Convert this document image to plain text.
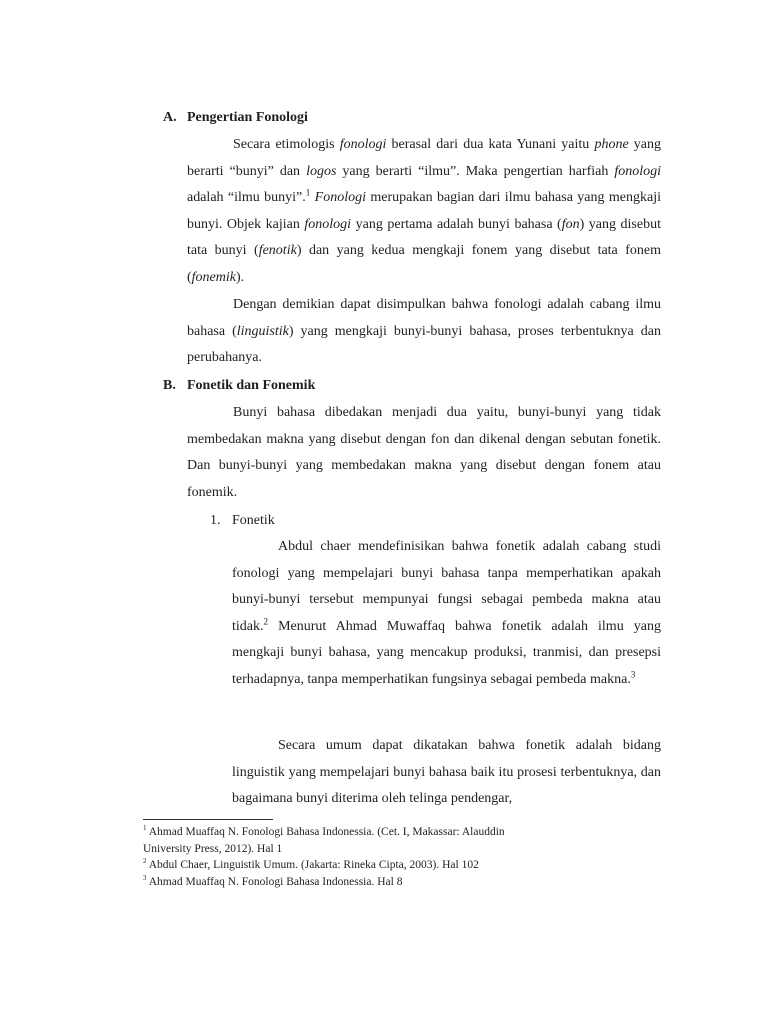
A. Pengertian Fonologi

Secara etimologis fonologi berasal dari dua kata Yunani yaitu phone yang berarti “bunyi” dan logos yang berarti “ilmu”. Maka pengertian harfiah fonologi adalah “ilmu bunyi”.$^1$ Fonologi merupakan bagian dari ilmu bahasa yang mengkaji bunyi. Objek kajian fonologi yang pertama adalah bunyi bahasa (fon) yang disebut tata bunyi (fenotik) dan yang kedua mengkaji fonem yang disebut tata fonem (fonemik).

Dengan demikian dapat disimpulkan bahwa fonologi adalah cabang ilmu bahasa (linguistik) yang mengkaji bunyi-bunyi bahasa, proses terbentuknya dan perubahanya.

B. Fonetik dan Fonemik

Bunyi bahasa dibedakan menjadi dua yaitu, bunyi-bunyi yang tidak membedakan makna yang disebut dengan fon dan dikenal dengan sebutan fonetik. Dan bunyi-bunyi yang membedakan makna yang disebut dengan fonem atau fonemik.

1. Fonetik

Abdul chaer mendefinisikan bahwa fonetik adalah cabang studi fonologi yang mempelajari bunyi bahasa tanpa memperhatikan apakah bunyi-bunyi tersebut mempunyai fungsi sebagai pembeda makna atau tidak.$^2$ Menurut Ahmad Muwaffaq bahwa fonetik adalah ilmu yang mengkaji bunyi bahasa, yang mencakup produksi, tranmisi, dan presepsi terhadapnya, tanpa memperhatikan fungsinya sebagai pembeda makna.$^3$

Secara umum dapat dikatakan bahwa fonetik adalah bidang linguistik yang mempelajari bunyi bahasa baik itu prosesi terbentuknya, dan bagaimana bunyi diterima oleh telinga pendengar,

$^1$ Ahmad Muaffaq N. Fonologi Bahasa Indonessia. (Cet. I, Makassar: Alauddin
University Press, 2012). Hal 1

$^2$ Abdul Chaer, Linguistik Umum. (Jakarta: Rineka Cipta, 2003). Hal 102

$^3$ Ahmad Muaffaq N. Fonologi Bahasa Indonessia. Hal 8
